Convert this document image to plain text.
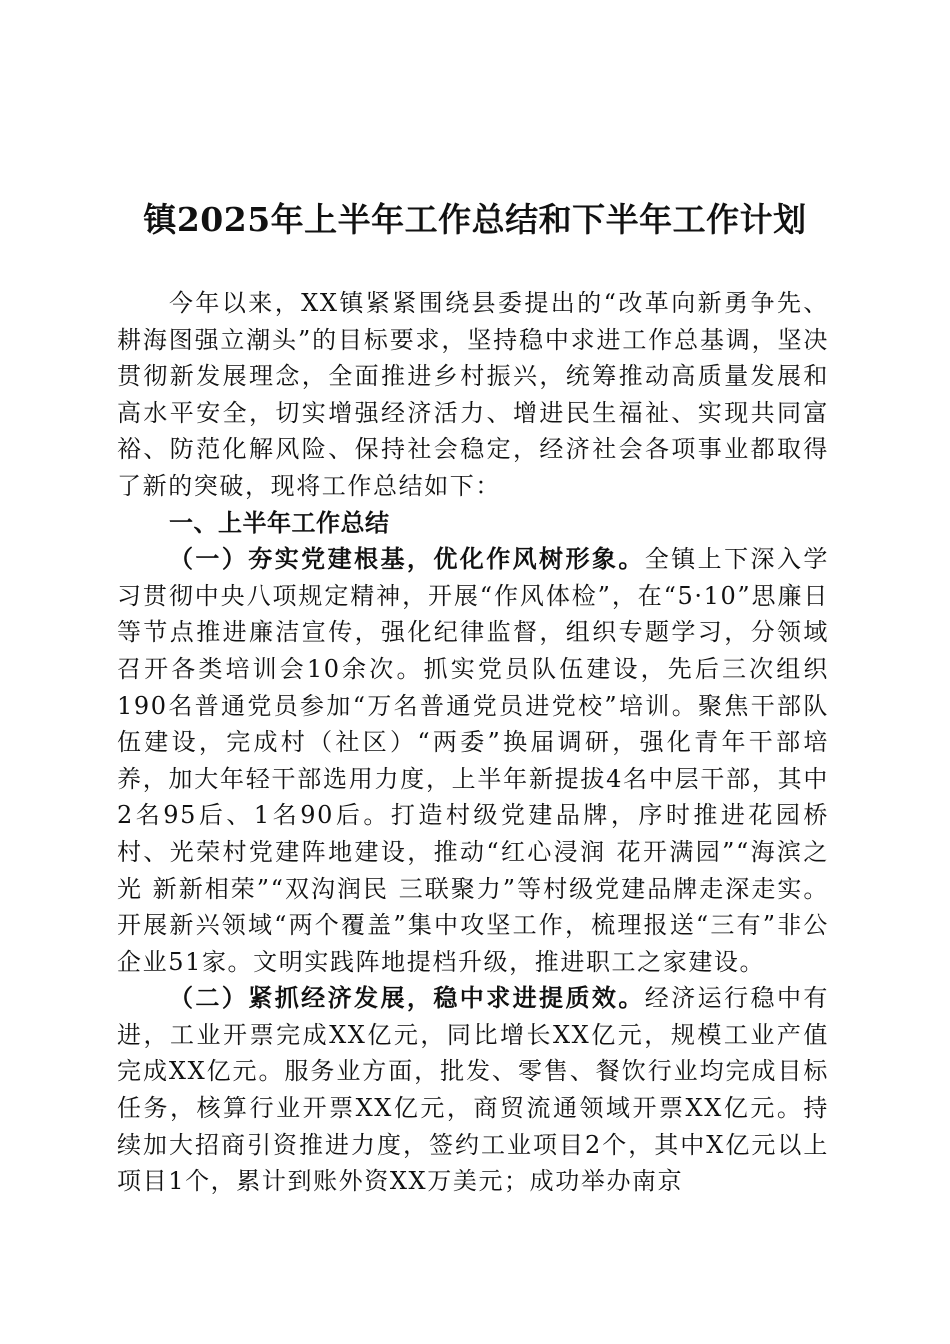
镇2025年上半年工作总结和下半年工作计划

今年以来，XX镇紧紧围绕县委提出的“改革向新勇争先、耕海图强立潮头”的目标要求，坚持稳中求进工作总基调，坚决贯彻新发展理念，全面推进乡村振兴，统筹推动高质量发展和高水平安全，切实增强经济活力、增进民生福祉、实现共同富裕、防范化解风险、保持社会稳定，经济社会各项事业都取得了新的突破，现将工作总结如下：

一、上半年工作总结

（一）夯实党建根基，优化作风树形象。全镇上下深入学习贯彻中央八项规定精神，开展“作风体检”，在“5·10”思廉日等节点推进廉洁宣传，强化纪律监督，组织专题学习，分领域召开各类培训会10余次。抓实党员队伍建设，先后三次组织190名普通党员参加“万名普通党员进党校”培训。聚焦干部队伍建设，完成村（社区）“两委”换届调研，强化青年干部培养，加大年轻干部选用力度，上半年新提拔4名中层干部，其中2名95后、1名90后。打造村级党建品牌，序时推进花园桥村、光荣村党建阵地建设，推动“红心浸润 花开满园”“海滨之光 新新相荣”“双沟润民 三联聚力”等村级党建品牌走深走实。开展新兴领域“两个覆盖”集中攻坚工作，梳理报送“三有”非公企业51家。文明实践阵地提档升级，推进职工之家建设。

（二）紧抓经济发展，稳中求进提质效。经济运行稳中有进，工业开票完成XX亿元，同比增长XX亿元，规模工业产值完成XX亿元。服务业方面，批发、零售、餐饮行业均完成目标任务，核算行业开票XX亿元，商贸流通领域开票XX亿元。持续加大招商引资推进力度，签约工业项目2个，其中X亿元以上项目1个，累计到账外资XX万美元；成功举办南京
